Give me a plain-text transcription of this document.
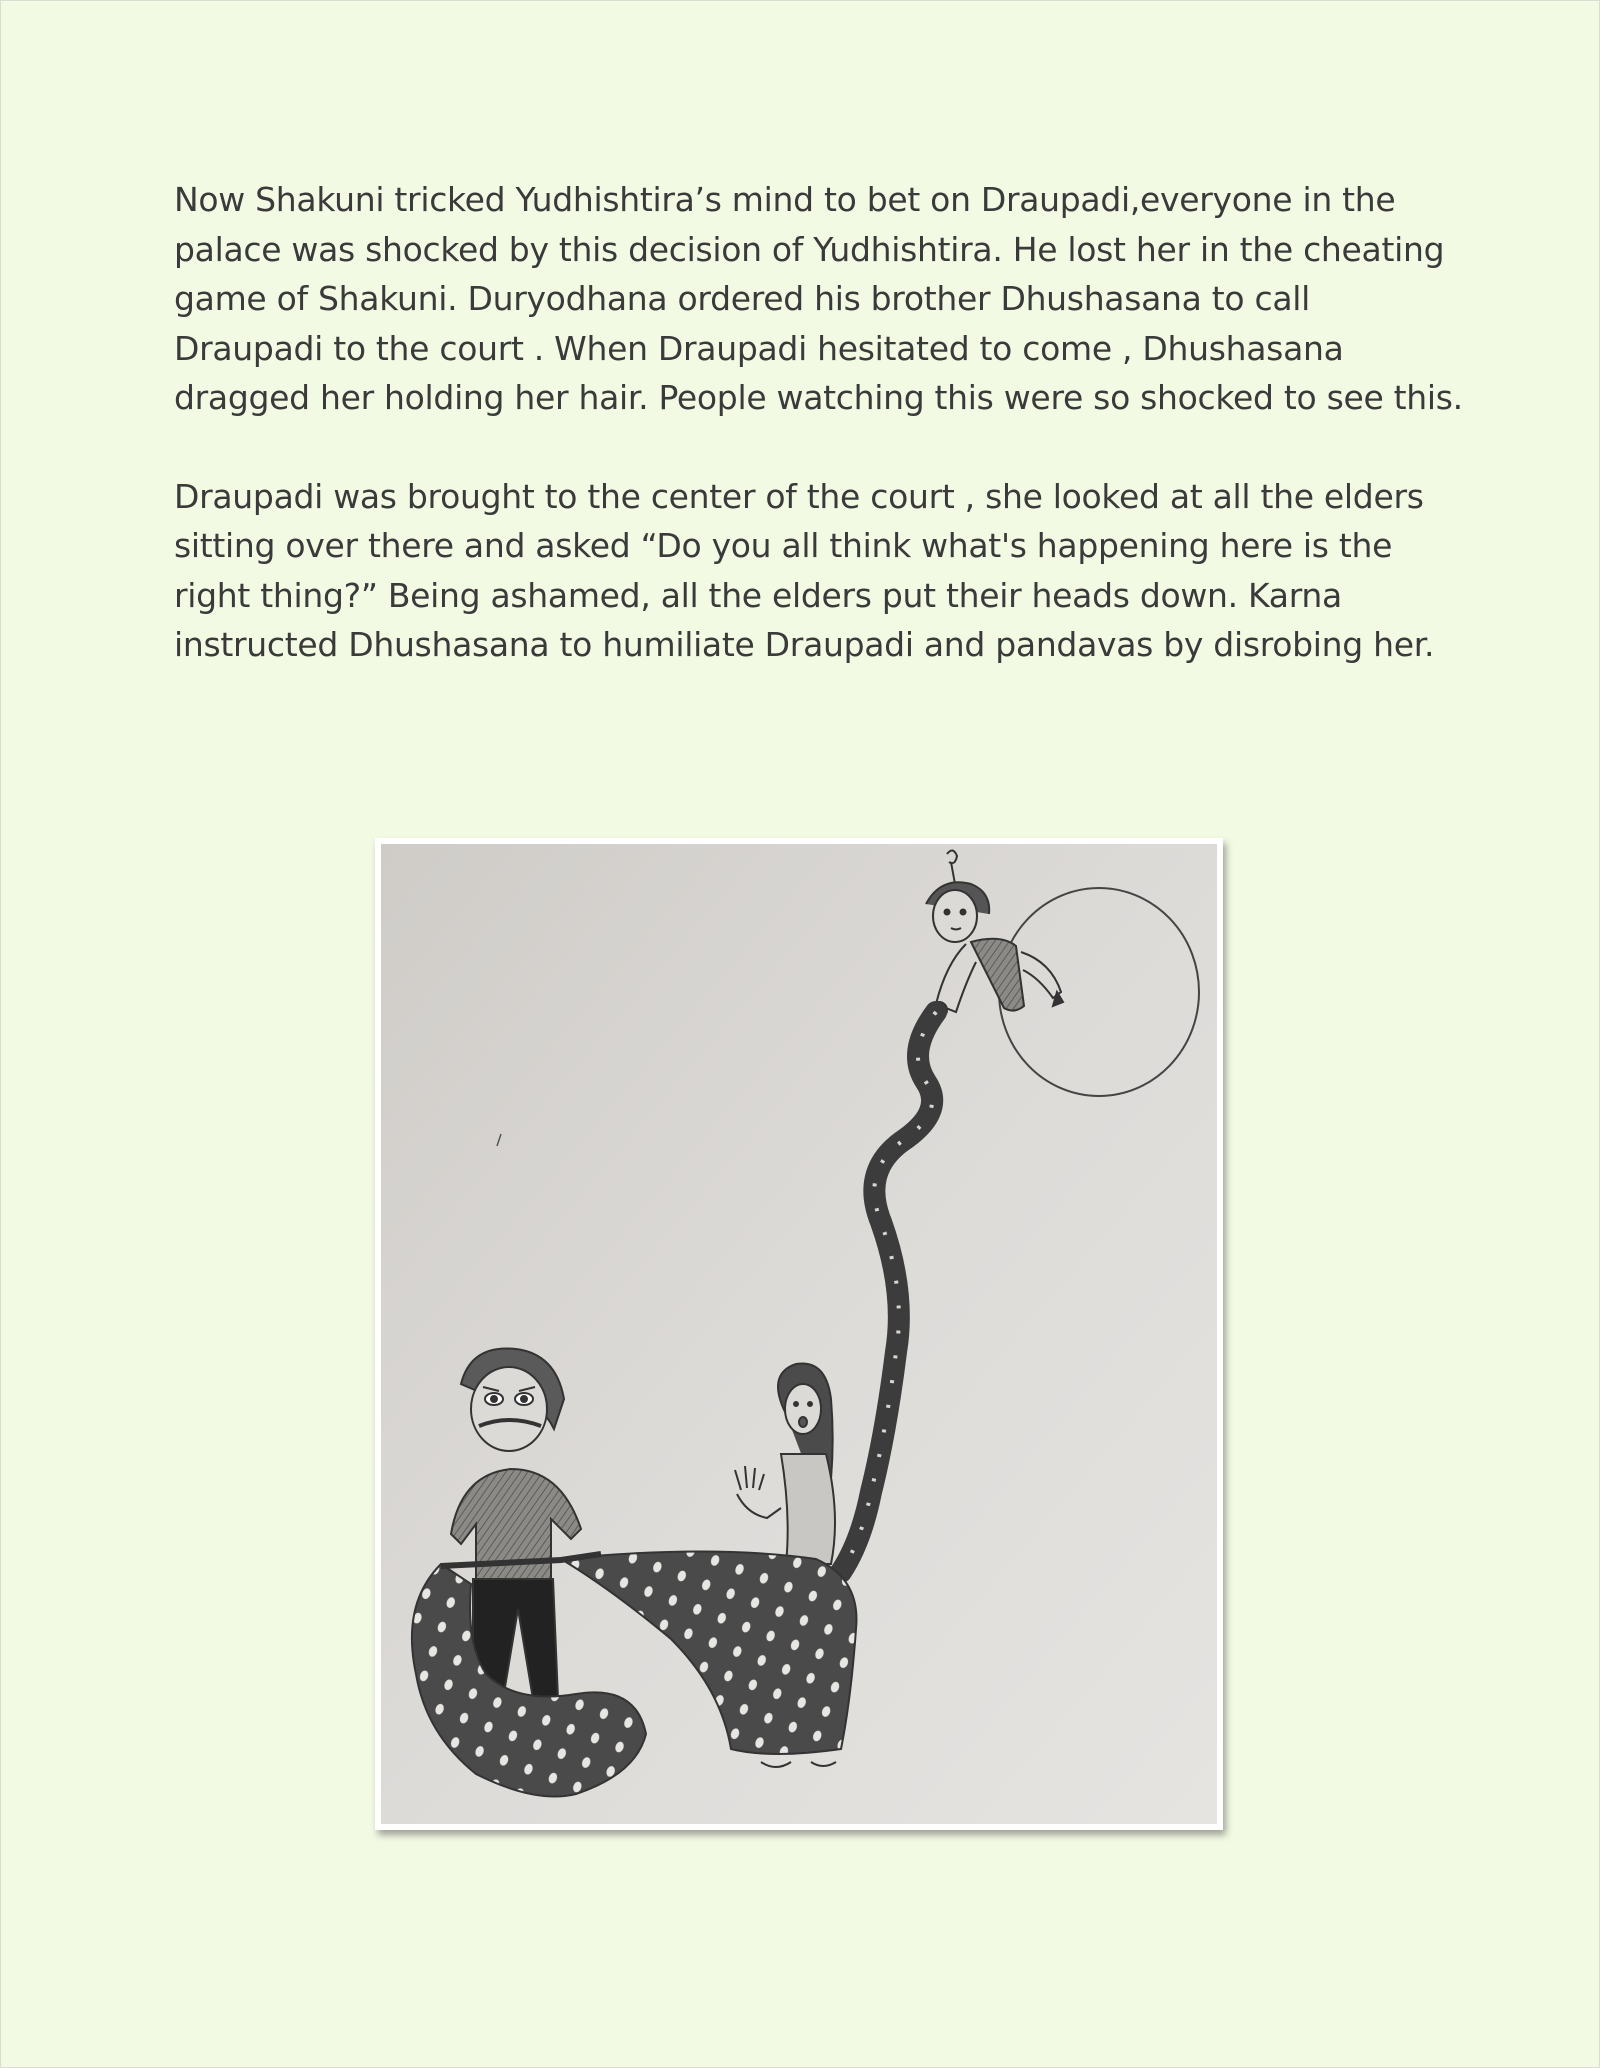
Now Shakuni tricked Yudhishtira’s mind to bet on Draupadi,everyone in the
palace was shocked by this decision of Yudhishtira. He lost her in the cheating
game of Shakuni. Duryodhana ordered his brother Dhushasana to call
Draupadi to the court . When Draupadi hesitated to come , Dhushasana
dragged her holding her hair. People watching this were so shocked to see this.

Draupadi was brought to the center of the court , she looked at all the elders
sitting over there and asked “Do you all think what's happening here is the
right thing?” Being ashamed, all the elders put their heads down. Karna
instructed Dhushasana to humiliate Draupadi and pandavas by disrobing her.
